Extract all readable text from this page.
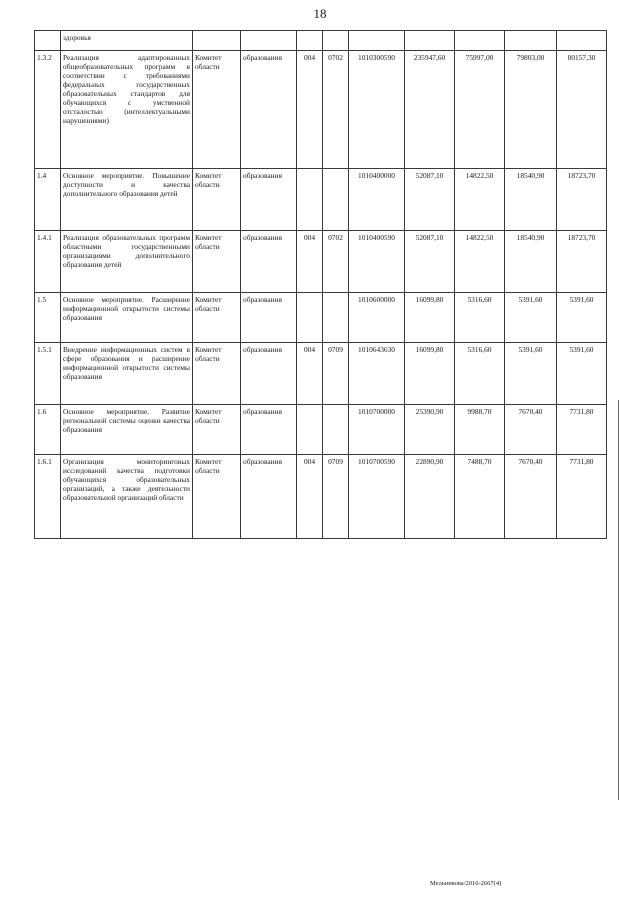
18
	здоровья									
1.3.2	Реализация адаптированных общеобразовательных программ в соответствии с требованиями федеральных государственных образовательных стандартов для обучающихся с умственной отсталостью (интеллектуальными нарушениями)	Комитет области	образования	004	0702	1010300590	235947,60	75997,00	79803,00	80157,30
1.4	Основное мероприятие. Повышение доступности и качества дополнительного образования детей	Комитет области	образования			1010400000	52087,10	14822,50	18540,90	18723,70
1.4.1	Реализация образовательных программ областными государственными организациями дополнительного образования детей	Комитет области	образования	004	0702	1010400590	52087,10	14822,50	18540,90	18723,70
1.5	Основное мероприятие. Расширение информационной открытости системы образования	Комитет области	образования			1010600000	16099,80	5316,60	5391,60	5391,60
1.5.1	Внедрение информационных систем в сфере образования и расширение информационной открытости системы образования	Комитет области	образования	004	0709	1010643630	16099,80	5316,60	5391,60	5391,60
1.6	Основное мероприятие. Развитие региональной системы оценки качества образования	Комитет области	образования			1010700000	25390,90	9988,70	7670,40	7731,80
1.6.1	Организация мониторинговых исследований качества подготовки обучающихся образовательных организаций, а также деятельности образовательной организаций области	Комитет области	образования	004	0709	1010700590	22890,90	7488,70	7670,40	7731,80
Мельникова/2016-2667(4)
